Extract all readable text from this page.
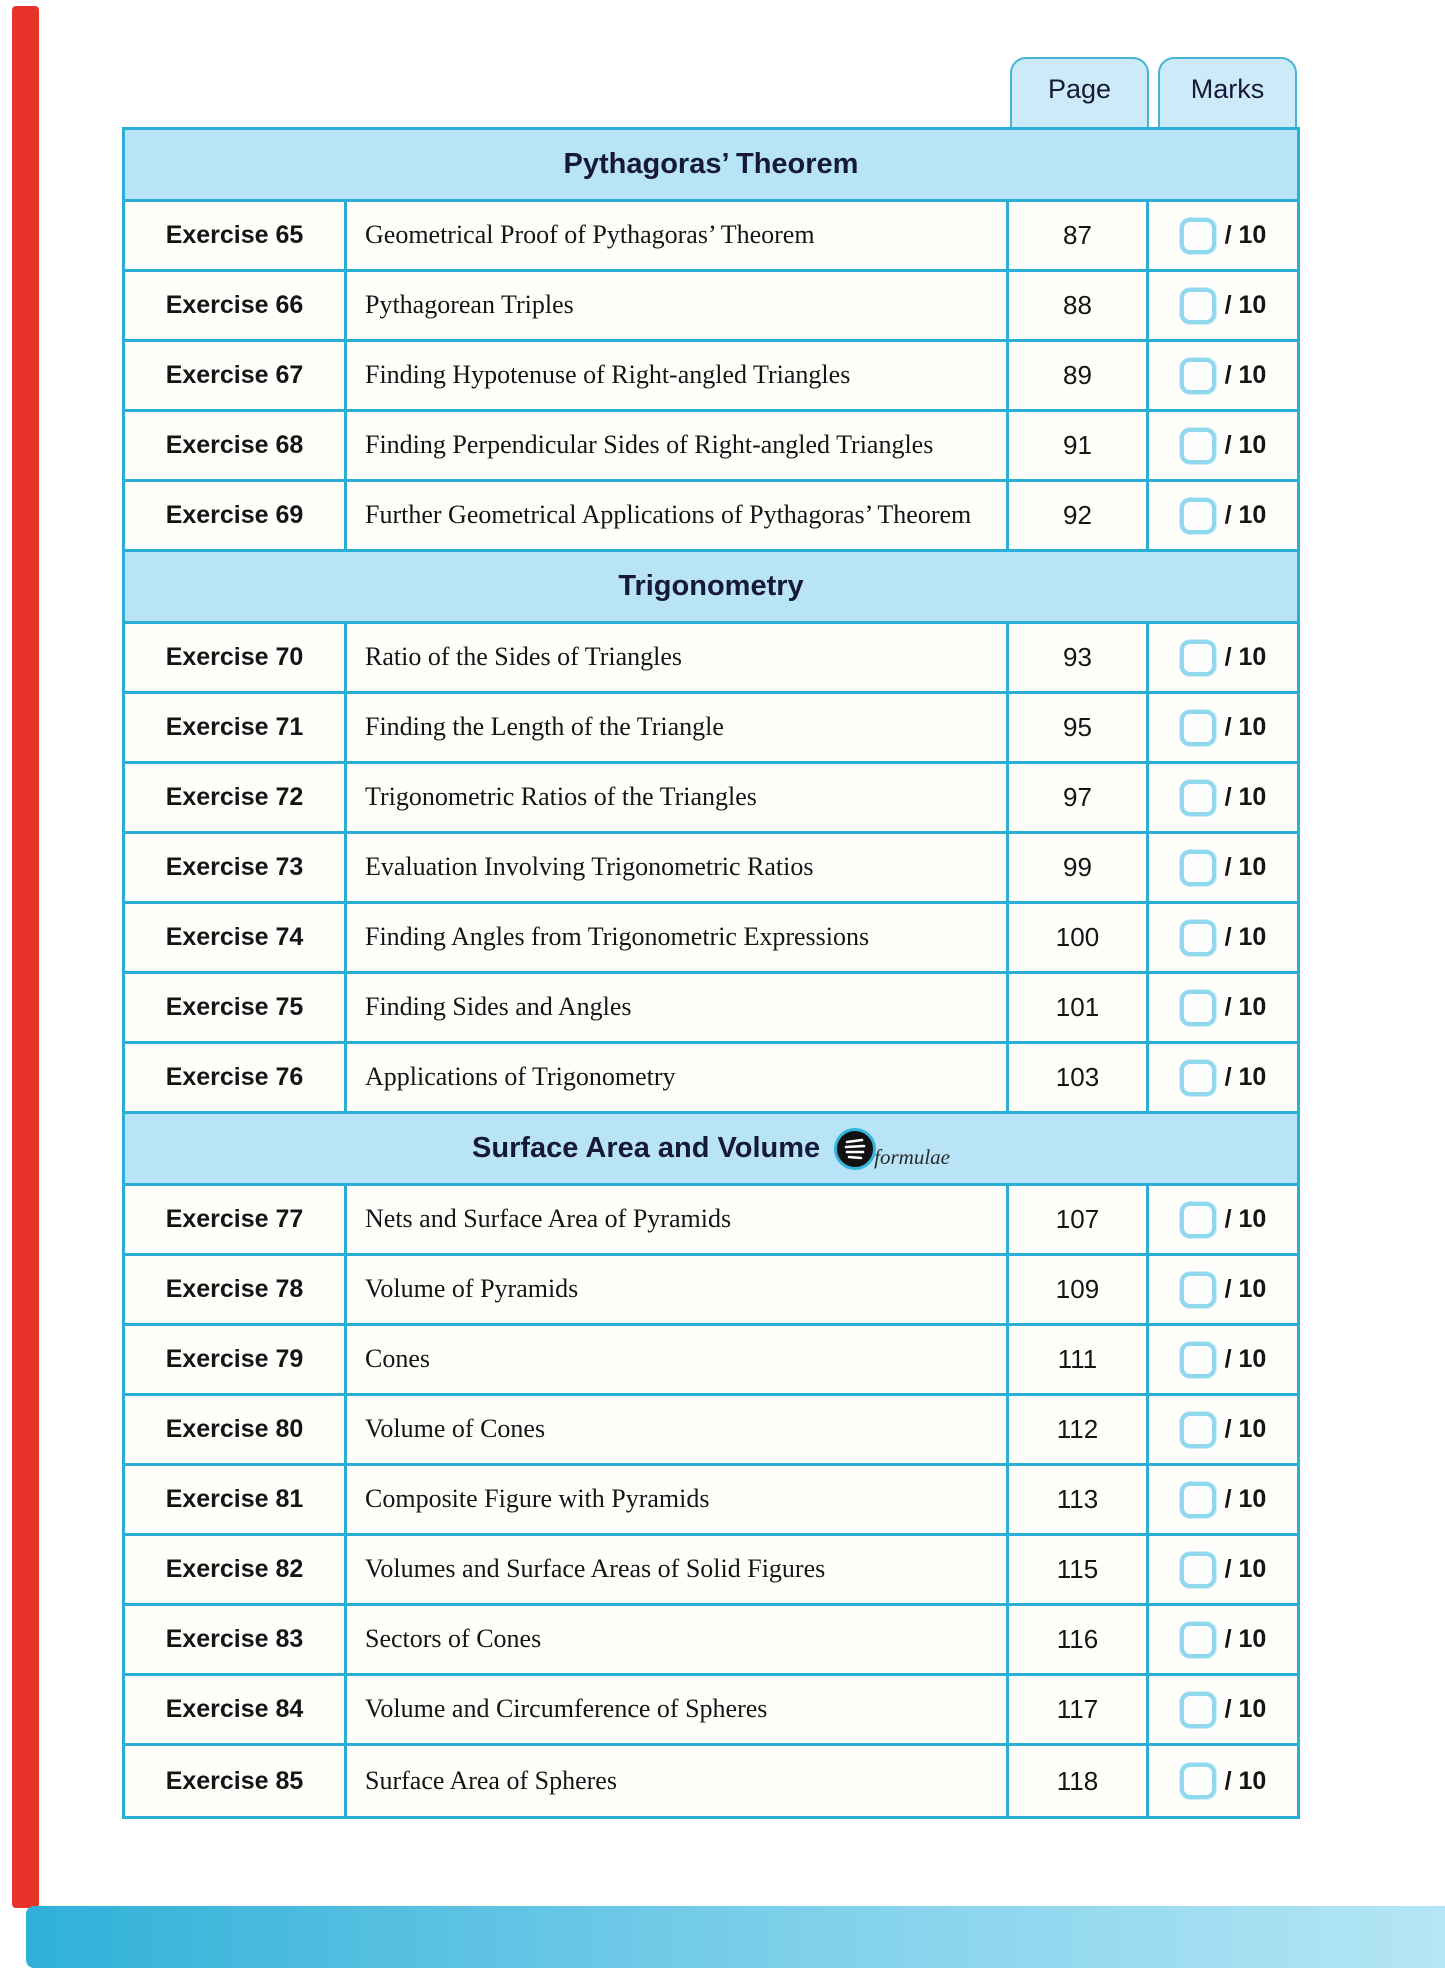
Page	Marks
Pythagoras’ Theorem
Exercise 65	Geometrical Proof of Pythagoras’ Theorem	87	/ 10
Exercise 66	Pythagorean Triples	88	/ 10
Exercise 67	Finding Hypotenuse of Right-angled Triangles	89	/ 10
Exercise 68	Finding Perpendicular Sides of Right-angled Triangles	91	/ 10
Exercise 69	Further Geometrical Applications of Pythagoras’ Theorem	92	/ 10
Trigonometry
Exercise 70	Ratio of the Sides of Triangles	93	/ 10
Exercise 71	Finding the Length of the Triangle	95	/ 10
Exercise 72	Trigonometric Ratios of the Triangles	97	/ 10
Exercise 73	Evaluation Involving Trigonometric Ratios	99	/ 10
Exercise 74	Finding Angles from Trigonometric Expressions	100	/ 10
Exercise 75	Finding Sides and Angles	101	/ 10
Exercise 76	Applications of Trigonometry	103	/ 10
Surface Area and Volume	formulae
Exercise 77	Nets and Surface Area of Pyramids	107	/ 10
Exercise 78	Volume of Pyramids	109	/ 10
Exercise 79	Cones	111	/ 10
Exercise 80	Volume of Cones	112	/ 10
Exercise 81	Composite Figure with Pyramids	113	/ 10
Exercise 82	Volumes and Surface Areas of Solid Figures	115	/ 10
Exercise 83	Sectors of Cones	116	/ 10
Exercise 84	Volume and Circumference of Spheres	117	/ 10
Exercise 85	Surface Area of Spheres	118	/ 10
